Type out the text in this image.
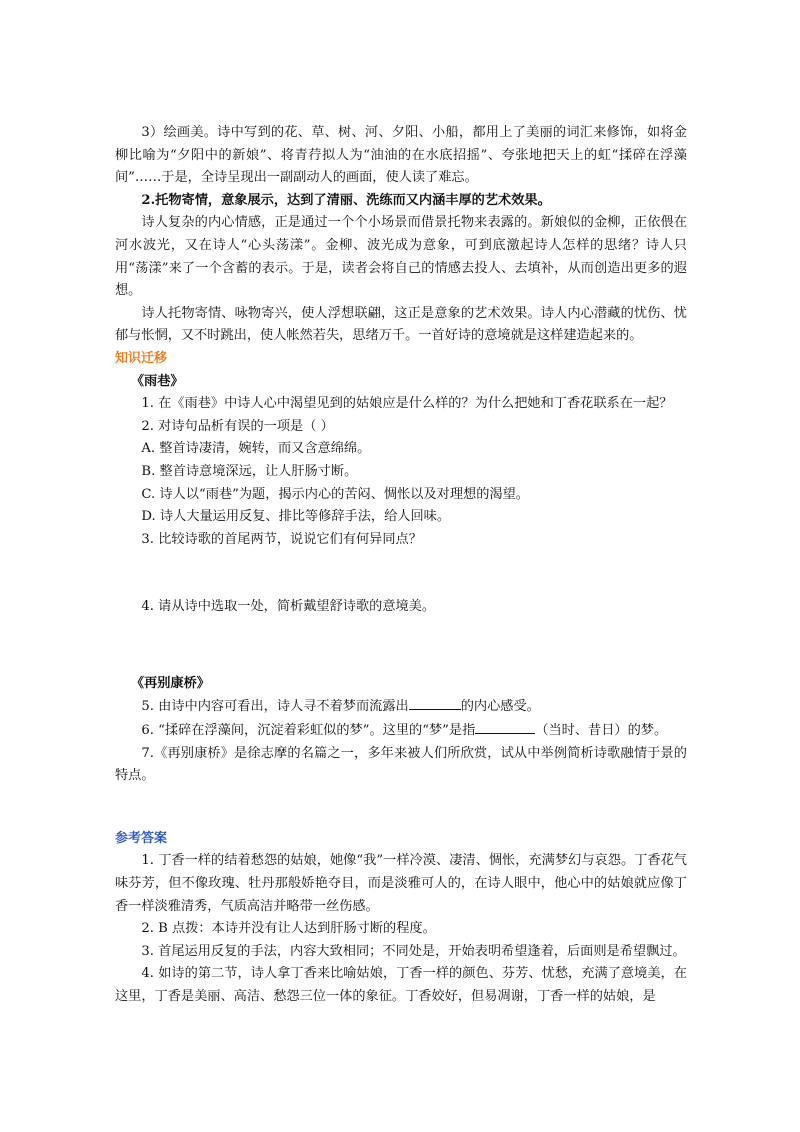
3）绘画美。诗中写到的花、草、树、河、夕阳、小船，都用上了美丽的词汇来修饰，如将金柳比喻为“夕阳中的新娘”、将青荇拟人为“油油的在水底招摇”、夸张地把天上的虹“揉碎在浮藻间”……于是，全诗呈现出一副副动人的画面，使人读了难忘。

2.托物寄情，意象展示，达到了清丽、洗练而又内涵丰厚的艺术效果。

诗人复杂的内心情感，正是通过一个个小场景而借景托物来表露的。新娘似的金柳，正依偎在河水波光，又在诗人“心头荡漾”。金柳、波光成为意象，可到底激起诗人怎样的思绪？诗人只用“荡漾”来了一个含蓄的表示。于是，读者会将自己的情感去投人、去填补，从而创造出更多的遐想。

诗人托物寄情、咏物寄兴，使人浮想联翩，这正是意象的艺术效果。诗人内心潜藏的忧伤、忧郁与怅惘，又不时跳出，使人帐然若失，思绪万千。一首好诗的意境就是这样建造起来的。

知识迁移

《雨巷》

1. 在《雨巷》中诗人心中渴望见到的姑娘应是什么样的？为什么把她和丁香花联系在一起？

2. 对诗句品析有误的一项是（ ）

A. 整首诗凄清，婉转，而又含意绵绵。

B. 整首诗意境深远，让人肝肠寸断。

C. 诗人以“雨巷”为题，揭示内心的苦闷、惆怅以及对理想的渴望。

D. 诗人大量运用反复、排比等修辞手法，给人回味。

3. 比较诗歌的首尾两节，说说它们有何异同点？

4. 请从诗中选取一处，简析戴望舒诗歌的意境美。

《再别康桥》

5. 由诗中内容可看出，诗人寻不着梦而流露出	的内心感受。

6. “揉碎在浮藻间，沉淀着彩虹似的梦”。这里的“梦”是指	（当时、昔日）的梦。

7.《再别康桥》是徐志摩的名篇之一，多年来被人们所欣赏，试从中举例简析诗歌融情于景的特点。

参考答案

1. 丁香一样的结着愁怨的姑娘，她像“我”一样冷漠、凄清、惆怅，充满梦幻与哀怨。丁香花气味芬芳，但不像玫瑰、牡丹那般娇艳夺目，而是淡雅可人的，在诗人眼中，他心中的姑娘就应像丁香一样淡雅清秀，气质高洁并略带一丝伤感。

2. B 点拨：本诗并没有让人达到肝肠寸断的程度。

3. 首尾运用反复的手法，内容大致相同；不同处是，开始表明希望逢着，后面则是希望飘过。

4. 如诗的第二节，诗人拿丁香来比喻姑娘，丁香一样的颜色、芬芳、忧愁，充满了意境美，在这里，丁香是美丽、高洁、愁怨三位一体的象征。丁香姣好，但易凋谢，丁香一样的姑娘，是
